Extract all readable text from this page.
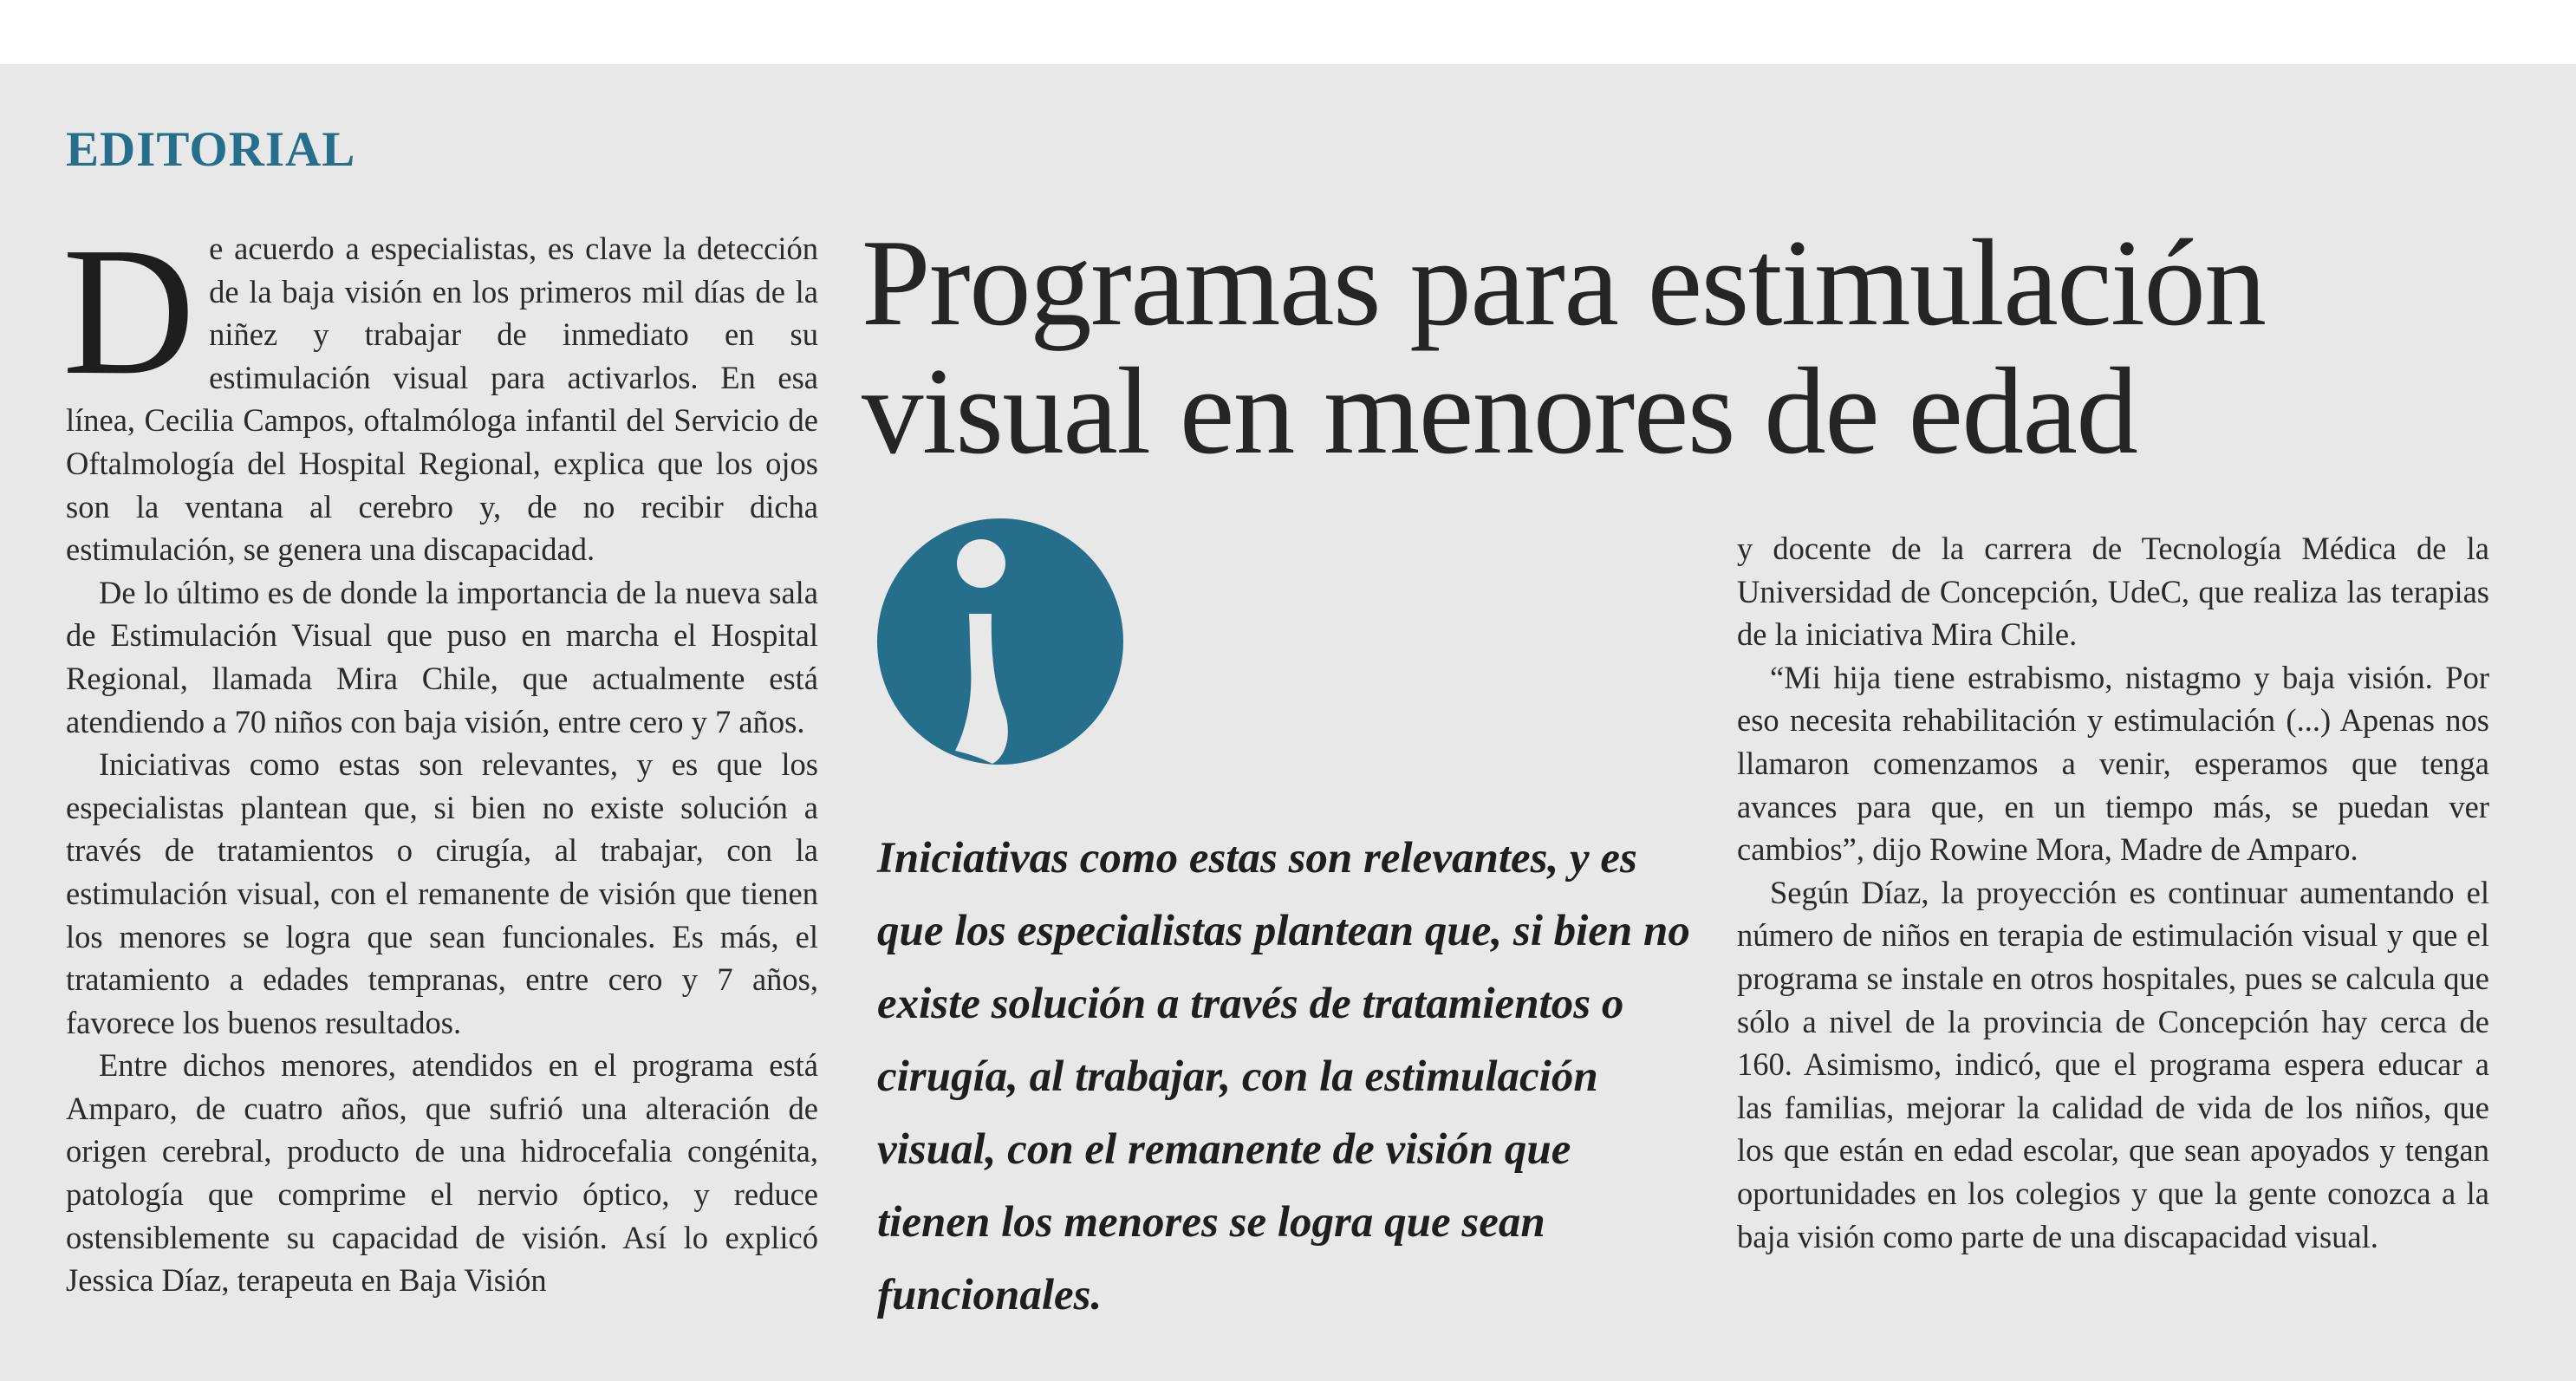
EDITORIAL

De acuerdo a especialistas, es clave la detección de la baja visión en los primeros mil días de la niñez y trabajar de inmediato en su estimulación visual para activarlos. En esa línea, Cecilia Campos, oftalmóloga infantil del Servicio de Oftalmología del Hospital Regional, explica que los ojos son la ventana al cerebro y, de no recibir dicha estimulación, se genera una discapacidad.

De lo último es de donde la importancia de la nueva sala de Estimulación Visual que puso en marcha el Hospital Regional, llamada Mira Chile, que actualmente está atendiendo a 70 niños con baja visión, entre cero y 7 años.

Iniciativas como estas son relevantes, y es que los especialistas plantean que, si bien no existe solución a través de tratamientos o cirugía, al trabajar, con la estimulación visual, con el remanente de visión que tienen los menores se logra que sean funcionales. Es más, el tratamiento a edades tempranas, entre cero y 7 años, favorece los buenos resultados.

Entre dichos menores, atendidos en el programa está Amparo, de cuatro años, que sufrió una alteración de origen cerebral, producto de una hidrocefalia congénita, patología que comprime el nervio óptico, y reduce ostensiblemente su capacidad de visión. Así lo explicó Jessica Díaz, terapeuta en Baja Visión

Programas para estimulación
visual en menores de edad
Iniciativas como estas son relevantes, y es que los especialistas plantean que, si bien no existe solución a través de tratamientos o cirugía, al trabajar, con la estimulación visual, con el remanente de visión que tienen los menores se logra que sean funcionales.

y docente de la carrera de Tecnología Médica de la Universidad de Concepción, UdeC, que realiza las terapias de la iniciativa Mira Chile.

“Mi hija tiene estrabismo, nistagmo y baja visión. Por eso necesita rehabilitación y estimulación (...) Apenas nos llamaron comenzamos a venir, esperamos que tenga avances para que, en un tiempo más, se puedan ver cambios”, dijo Rowine Mora, Madre de Amparo.

Según Díaz, la proyección es continuar aumentando el número de niños en terapia de estimulación visual y que el programa se instale en otros hospitales, pues se calcula que sólo a nivel de la provincia de Concepción hay cerca de 160. Asimismo, indicó, que el programa espera educar a las familias, mejorar la calidad de vida de los niños, que los que están en edad escolar, que sean apoyados y tengan oportunidades en los colegios y que la gente conozca a la baja visión como parte de una discapacidad visual.
